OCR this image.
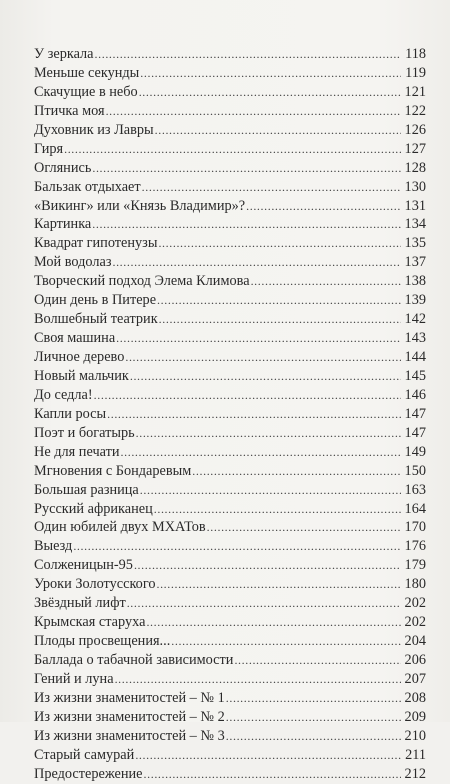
У зеркала . . .	118
Меньше секунды . . .	119
Скачущие в небо . . .	121
Птичка моя . . .	122
Духовник из Лавры . . .	126
Гиря . . .	127
Оглянись . . .	128
Бальзак отдыхает . . .	130
«Викинг» или «Князь Владимир»? . . .	131
Картинка . . .	134
Квадрат гипотенузы . . .	135
Мой водолаз . . .	137
Творческий подход Элема Климова . . .	138
Один день в Питере . . .	139
Волшебный театрик . . .	142
Своя машина . . .	143
Личное дерево . . .	144
Новый мальчик . . .	145
До седла! . . .	146
Капли росы . . .	147
Поэт и богатырь . . .	147
Не для печати . . .	149
Мгновения с Бондаревым . . .	150
Большая разница . . .	163
Русский африканец . . .	164
Один юбилей двух МХАТов . . .	170
Выезд . . .	176
Солженицын-95 . . .	179
Уроки Золотусского . . .	180
Звёздный лифт . . .	202
Крымская старуха . . .	202
Плоды просвещения... . . .	204
Баллада о табачной зависимости . . .	206
Гений и луна . . .	207
Из жизни знаменитостей – № 1 . . .	208
Из жизни знаменитостей – № 2 . . .	209
Из жизни знаменитостей – № 3 . . .	210
Старый самурай . . .	211
Предостережение . . .	212
